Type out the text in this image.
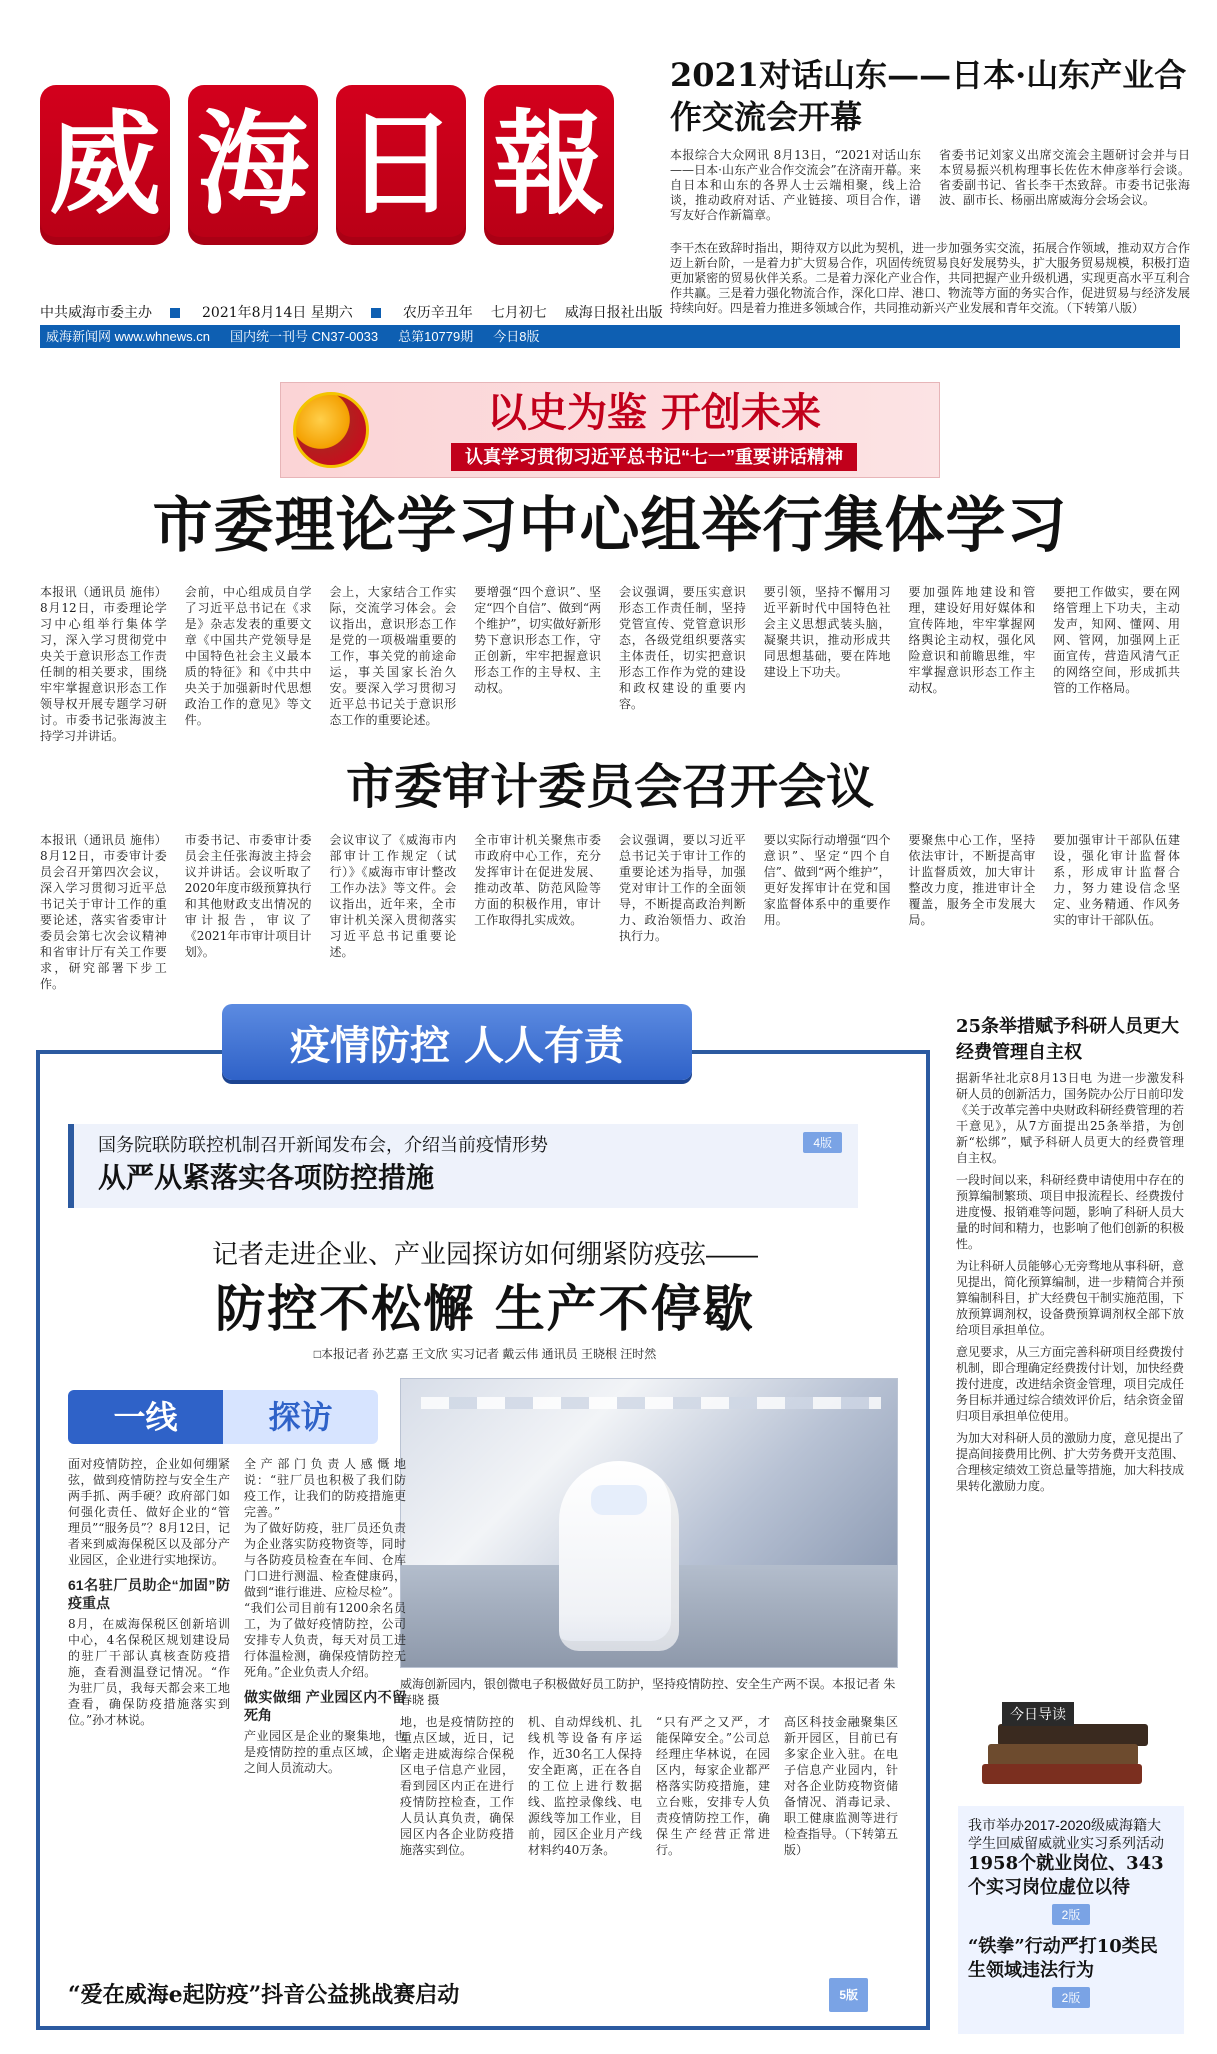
威 海 日 報
2021对话山东——日本·山东产业合作交流会开幕

本报综合大众网讯 8月13日，“2021对话山东——日本·山东产业合作交流会”在济南开幕。来自日本和山东的各界人士云端相聚，线上洽谈，推动政府对话、产业链接、项目合作，谱写友好合作新篇章。

省委书记刘家义出席交流会主题研讨会并与日本贸易振兴机构理事长佐佐木伸彦举行会谈。省委副书记、省长李干杰致辞。市委书记张海波、副市长、杨丽出席威海分会场会议。

李干杰在致辞时指出，期待双方以此为契机，进一步加强务实交流，拓展合作领域，推动双方合作迈上新台阶，一是着力扩大贸易合作，巩固传统贸易良好发展势头，扩大服务贸易规模，积极打造更加紧密的贸易伙伴关系。二是着力深化产业合作，共同把握产业升级机遇，实现更高水平互利合作共赢。三是着力强化物流合作，深化口岸、港口、物流等方面的务实合作，促进贸易与经济发展持续向好。四是着力推进多领域合作，共同推动新兴产业发展和青年交流。（下转第八版）

中共威海市委主办	2021年8月14日 星期六	农历辛丑年 七月初七 威海日报社出版
威海新闻网 www.whnews.cn 国内统一刊号 CN37-0033 总第10779期 今日8版
以史为鉴 开创未来
认真学习贯彻习近平总书记“七一”重要讲话精神
市委理论学习中心组举行集体学习

本报讯（通讯员 施伟）8月12日，市委理论学习中心组举行集体学习，深入学习贯彻党中央关于意识形态工作责任制的相关要求，围绕牢牢掌握意识形态工作领导权开展专题学习研讨。市委书记张海波主持学习并讲话。

会前，中心组成员自学了习近平总书记在《求是》杂志发表的重要文章《中国共产党领导是中国特色社会主义最本质的特征》和《中共中央关于加强新时代思想政治工作的意见》等文件。

会上，大家结合工作实际，交流学习体会。会议指出，意识形态工作是党的一项极端重要的工作，事关党的前途命运，事关国家长治久安。要深入学习贯彻习近平总书记关于意识形态工作的重要论述。

要增强“四个意识”、坚定“四个自信”、做到“两个维护”，切实做好新形势下意识形态工作，守正创新，牢牢把握意识形态工作的主导权、主动权。

会议强调，要压实意识形态工作责任制，坚持党管宣传、党管意识形态，各级党组织要落实主体责任，切实把意识形态工作作为党的建设和政权建设的重要内容。

要引领，坚持不懈用习近平新时代中国特色社会主义思想武装头脑，凝聚共识，推动形成共同思想基础，要在阵地建设上下功夫。

要加强阵地建设和管理，建设好用好媒体和宣传阵地，牢牢掌握网络舆论主动权，强化风险意识和前瞻思维，牢牢掌握意识形态工作主动权。

要把工作做实，要在网络管理上下功夫，主动发声，知网、懂网、用网、管网，加强网上正面宣传，营造风清气正的网络空间，形成抓共管的工作格局。

市委审计委员会召开会议

本报讯（通讯员 施伟）8月12日，市委审计委员会召开第四次会议，深入学习贯彻习近平总书记关于审计工作的重要论述，落实省委审计委员会第七次会议精神和省审计厅有关工作要求，研究部署下步工作。

市委书记、市委审计委员会主任张海波主持会议并讲话。会议听取了2020年度市级预算执行和其他财政支出情况的审计报告，审议了《2021年市审计项目计划》。

会议审议了《威海市内部审计工作规定（试行）》《威海市审计整改工作办法》等文件。会议指出，近年来，全市审计机关深入贯彻落实习近平总书记重要论述。

全市审计机关聚焦市委市政府中心工作，充分发挥审计在促进发展、推动改革、防范风险等方面的积极作用，审计工作取得扎实成效。

会议强调，要以习近平总书记关于审计工作的重要论述为指导，加强党对审计工作的全面领导，不断提高政治判断力、政治领悟力、政治执行力。

要以实际行动增强“四个意识”、坚定“四个自信”、做到“两个维护”，更好发挥审计在党和国家监督体系中的重要作用。

要聚焦中心工作，坚持依法审计，不断提高审计监督质效，加大审计整改力度，推进审计全覆盖，服务全市发展大局。

要加强审计干部队伍建设，强化审计监督体系，形成审计监督合力，努力建设信念坚定、业务精通、作风务实的审计干部队伍。

疫情防控 人人有责
国务院联防联控机制召开新闻发布会，介绍当前疫情形势
从严从紧落实各项防控措施
4版
记者走进企业、产业园探访如何绷紧防疫弦——
防控不松懈 生产不停歇
□本报记者 孙艺嘉 王文欣 实习记者 戴云伟 通讯员 王晓根 汪时然
一线	探访
威海创新园内，银创微电子积极做好员工防护，坚持疫情防控、安全生产两不误。本报记者 朱春晓 摄

面对疫情防控，企业如何绷紧弦，做到疫情防控与安全生产两手抓、两手硬？政府部门如何强化责任、做好企业的“管理员”“服务员”？8月12日，记者来到威海保税区以及部分产业园区，企业进行实地探访。

61名驻厂员助企“加固”防疫重点

8月，在威海保税区创新培训中心，4名保税区规划建设局的驻厂干部认真核查防疫措施，查看测温登记情况。“作为驻厂员，我每天都会来工地查看，确保防疫措施落实到位。”孙才林说。

全产部门负责人感慨地说：“驻厂员也积极了我们防疫工作，让我们的防疫措施更完善。”

为了做好防疫，驻厂员还负责为企业落实防疫物资等，同时与各防疫员检查在车间、仓库门口进行测温、检查健康码，做到“谁行谁进、应检尽检”。

“我们公司目前有1200余名员工，为了做好疫情防控，公司安排专人负责，每天对员工进行体温检测，确保疫情防控无死角。”企业负责人介绍。

做实做细 产业园区内不留死角

产业园区是企业的聚集地，也是疫情防控的重点区域，企业之间人员流动大。

地，也是疫情防控的重点区域，近日，记者走进威海综合保税区电子信息产业园，看到园区内正在进行疫情防控检查，工作人员认真负责，确保园区内各企业防疫措施落实到位。

机、自动焊线机、扎线机等设备有序运作，近30名工人保持安全距离，正在各自的工位上进行数据线、监控录像线、电源线等加工作业，目前，园区企业月产线材料约40万条。

“只有严之又严，才能保障安全。”公司总经理庄华林说，在园区内，每家企业都严格落实防疫措施，建立台账，安排专人负责疫情防控工作，确保生产经营正常进行。

高区科技金融聚集区新开园区，目前已有多家企业入驻。在电子信息产业园内，针对各企业防疫物资储备情况、消毒记录、职工健康监测等进行检查指导。（下转第五版）

“爱在威海e起防疫”抖音公益挑战赛启动	5版
25条举措赋予科研人员更大经费管理自主权

据新华社北京8月13日电 为进一步激发科研人员的创新活力，国务院办公厅日前印发《关于改革完善中央财政科研经费管理的若干意见》，从7方面提出25条举措，为创新“松绑”，赋予科研人员更大的经费管理自主权。

一段时间以来，科研经费申请使用中存在的预算编制繁琐、项目申报流程长、经费拨付进度慢、报销难等问题，影响了科研人员大量的时间和精力，也影响了他们创新的积极性。

为让科研人员能够心无旁骛地从事科研，意见提出，简化预算编制，进一步精简合并预算编制科目，扩大经费包干制实施范围，下放预算调剂权，设备费预算调剂权全部下放给项目承担单位。

意见要求，从三方面完善科研项目经费拨付机制，即合理确定经费拨付计划，加快经费拨付进度，改进结余资金管理，项目完成任务目标并通过综合绩效评价后，结余资金留归项目承担单位使用。

为加大对科研人员的激励力度，意见提出了提高间接费用比例、扩大劳务费开支范围、合理核定绩效工资总量等措施，加大科技成果转化激励力度。

今日导读
我市举办2017-2020级威海籍大学生回威留威就业实习系列活动
1958个就业岗位、343个实习岗位虚位以待
2版
“铁拳”行动严打10类民生领域违法行为
2版
